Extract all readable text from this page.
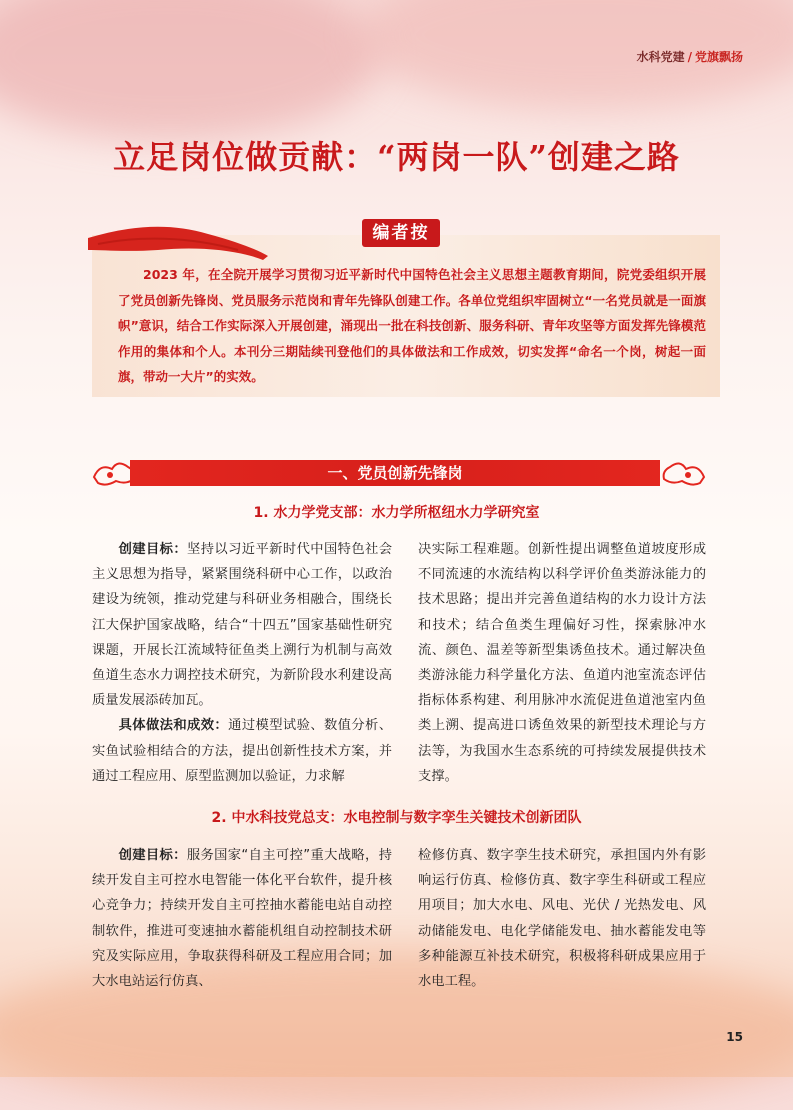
水科党建 / 党旗飘扬
立足岗位做贡献：“两岗一队”创建之路
编者按

2023 年，在全院开展学习贯彻习近平新时代中国特色社会主义思想主题教育期间，院党委组织开展了党员创新先锋岗、党员服务示范岗和青年先锋队创建工作。各单位党组织牢固树立“一名党员就是一面旗帜”意识，结合工作实际深入开展创建，涌现出一批在科技创新、服务科研、青年攻坚等方面发挥先锋模范作用的集体和个人。本刊分三期陆续刊登他们的具体做法和工作成效，切实发挥“命名一个岗，树起一面旗，带动一大片”的实效。

一、党员创新先锋岗
1. 水力学党支部：水力学所枢纽水力学研究室

创建目标：坚持以习近平新时代中国特色社会主义思想为指导，紧紧围绕科研中心工作，以政治建设为统领，推动党建与科研业务相融合，围绕长江大保护国家战略，结合“十四五”国家基础性研究课题，开展长江流域特征鱼类上溯行为机制与高效鱼道生态水力调控技术研究，为新阶段水利建设高质量发展添砖加瓦。

具体做法和成效：通过模型试验、数值分析、实鱼试验相结合的方法，提出创新性技术方案，并通过工程应用、原型监测加以验证，力求解

决实际工程难题。创新性提出调整鱼道坡度形成不同流速的水流结构以科学评价鱼类游泳能力的技术思路；提出并完善鱼道结构的水力设计方法和技术；结合鱼类生理偏好习性，探索脉冲水流、颜色、温差等新型集诱鱼技术。通过解决鱼类游泳能力科学量化方法、鱼道内池室流态评估指标体系构建、利用脉冲水流促进鱼道池室内鱼类上溯、提高进口诱鱼效果的新型技术理论与方法等，为我国水生态系统的可持续发展提供技术支撑。

2. 中水科技党总支：水电控制与数字孪生关键技术创新团队

创建目标：服务国家“自主可控”重大战略，持续开发自主可控水电智能一体化平台软件，提升核心竞争力；持续开发自主可控抽水蓄能电站自动控制软件，推进可变速抽水蓄能机组自动控制技术研究及实际应用，争取获得科研及工程应用合同；加大水电站运行仿真、

检修仿真、数字孪生技术研究，承担国内外有影响运行仿真、检修仿真、数字孪生科研或工程应用项目；加大水电、风电、光伏 / 光热发电、风动储能发电、电化学储能发电、抽水蓄能发电等多种能源互补技术研究，积极将科研成果应用于水电工程。

15
